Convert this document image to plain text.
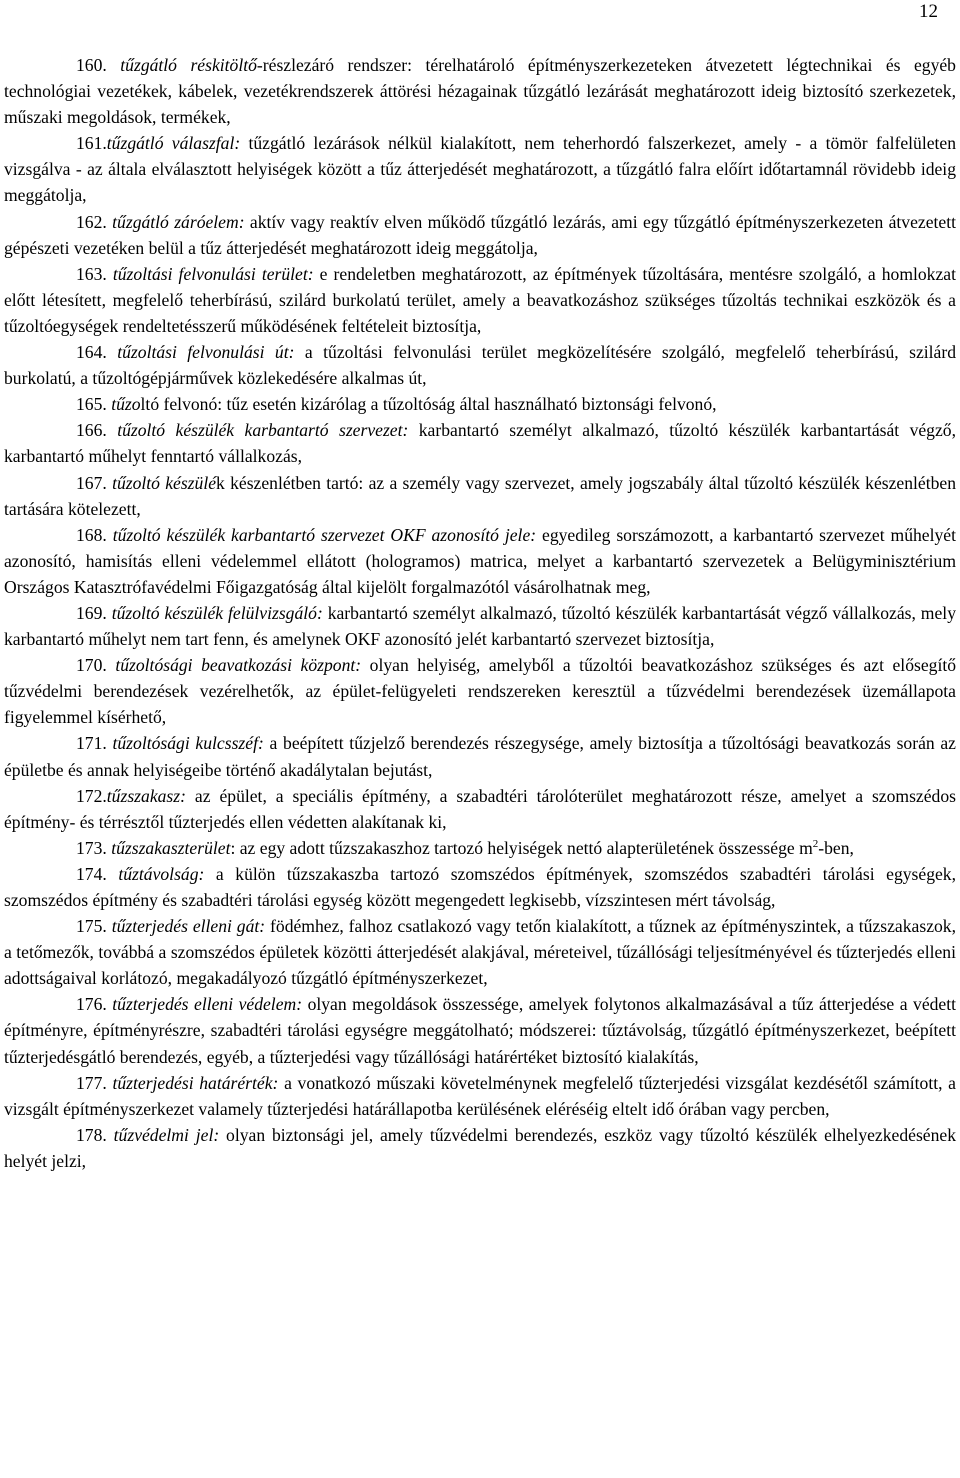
12

160. tűzgátló réskitöltő-részlezáró rendszer: térelhatároló építményszerkezeteken átvezetett légtechnikai és egyéb technológiai vezetékek, kábelek, vezetékrendszerek áttörési hézagainak tűzgátló lezárását meghatározott ideig biztosító szerkezetek, műszaki megoldások, termékek,

161.tűzgátló válaszfal: tűzgátló lezárások nélkül kialakított, nem teherhordó falszerkezet, amely - a tömör falfelületen vizsgálva - az általa elválasztott helyiségek között a tűz átterjedését meghatározott, a tűzgátló falra előírt időtartamnál rövidebb ideig meggátolja,

162. tűzgátló záróelem: aktív vagy reaktív elven működő tűzgátló lezárás, ami egy tűzgátló építményszerkezeten átvezetett gépészeti vezetéken belül a tűz átterjedését meghatározott ideig meggátolja,

163. tűzoltási felvonulási terület: e rendeletben meghatározott, az építmények tűzoltására, mentésre szolgáló, a homlokzat előtt létesített, megfelelő teherbírású, szilárd burkolatú terület, amely a beavatkozáshoz szükséges tűzoltás technikai eszközök és a tűzoltóegységek rendeltetésszerű működésének feltételeit biztosítja,

164. tűzoltási felvonulási út: a tűzoltási felvonulási terület megközelítésére szolgáló, megfelelő teherbírású, szilárd burkolatú, a tűzoltógépjárművek közlekedésére alkalmas út,

165. tűzoltó felvonó: tűz esetén kizárólag a tűzoltóság által használható biztonsági felvonó,

166. tűzoltó készülék karbantartó szervezet: karbantartó személyt alkalmazó, tűzoltó készülék karbantartását végző, karbantartó műhelyt fenntartó vállalkozás,

167. tűzoltó készülék készenlétben tartó: az a személy vagy szervezet, amely jogszabály által tűzoltó készülék készenlétben tartására kötelezett,

168. tűzoltó készülék karbantartó szervezet OKF azonosító jele: egyedileg sorszámozott, a karbantartó szervezet műhelyét azonosító, hamisítás elleni védelemmel ellátott (hologramos) matrica, melyet a karbantartó szervezetek a Belügyminisztérium Országos Katasztrófavédelmi Főigazgatóság által kijelölt forgalmazótól vásárolhatnak meg,

169. tűzoltó készülék felülvizsgáló: karbantartó személyt alkalmazó, tűzoltó készülék karbantartását végző vállalkozás, mely karbantartó műhelyt nem tart fenn, és amelynek OKF azonosító jelét karbantartó szervezet biztosítja,

170. tűzoltósági beavatkozási központ: olyan helyiség, amelyből a tűzoltói beavatkozáshoz szükséges és azt elősegítő tűzvédelmi berendezések vezérelhetők, az épület-felügyeleti rendszereken keresztül a tűzvédelmi berendezések üzemállapota figyelemmel kísérhető,

171. tűzoltósági kulcsszéf: a beépített tűzjelző berendezés részegysége, amely biztosítja a tűzoltósági beavatkozás során az épületbe és annak helyiségeibe történő akadálytalan bejutást,

172.tűzszakasz: az épület, a speciális építmény, a szabadtéri tárolóterület meghatározott része, amelyet a szomszédos építmény- és térrésztől tűzterjedés ellen védetten alakítanak ki,

173. tűzszakaszterület: az egy adott tűzszakaszhoz tartozó helyiségek nettó alapterületének összessége $m^2$-ben,

174. tűztávolság: a külön tűzszakaszba tartozó szomszédos építmények, szomszédos szabadtéri tárolási egységek, szomszédos építmény és szabadtéri tárolási egység között megengedett legkisebb, vízszintesen mért távolság,

175. tűzterjedés elleni gát: födémhez, falhoz csatlakozó vagy tetőn kialakított, a tűznek az építményszintek, a tűzszakaszok, a tetőmezők, továbbá a szomszédos épületek közötti átterjedését alakjával, méreteivel, tűzállósági teljesítményével és tűzterjedés elleni adottságaival korlátozó, megakadályozó tűzgátló építményszerkezet,

176. tűzterjedés elleni védelem: olyan megoldások összessége, amelyek folytonos alkalmazásával a tűz átterjedése a védett építményre, építményrészre, szabadtéri tárolási egységre meggátolható; módszerei: tűztávolság, tűzgátló építményszerkezet, beépített tűzterjedésgátló berendezés, egyéb, a tűzterjedési vagy tűzállósági határértéket biztosító kialakítás,

177. tűzterjedési határérték: a vonatkozó műszaki követelménynek megfelelő tűzterjedési vizsgálat kezdésétől számított, a vizsgált építményszerkezet valamely tűzterjedési határállapotba kerülésének eléréséig eltelt idő órában vagy percben,

178. tűzvédelmi jel: olyan biztonsági jel, amely tűzvédelmi berendezés, eszköz vagy tűzoltó készülék elhelyezkedésének helyét jelzi,
